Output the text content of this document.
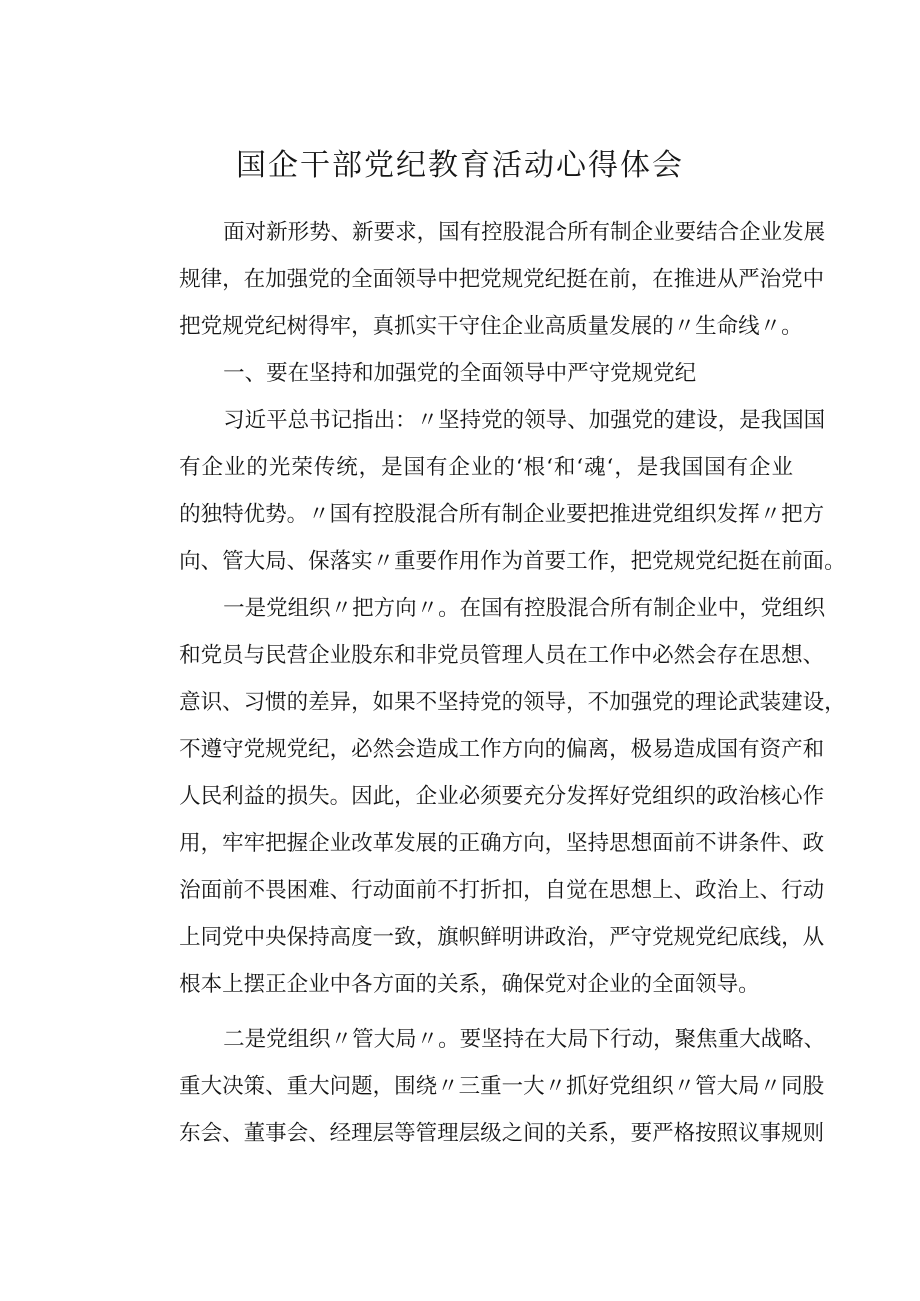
国企干部党纪教育活动心得体会

面对新形势、新要求，国有控股混合所有制企业要结合企业发展
规律，在加强党的全面领导中把党规党纪挺在前，在推进从严治党中
把党规党纪树得牢，真抓实干守住企业高质量发展的〃生命线〃。

一、要在坚持和加强党的全面领导中严守党规党纪

习近平总书记指出：〃坚持党的领导、加强党的建设，是我国国
有企业的光荣传统，是国有企业的‘根‘和‘魂‘，是我国国有企业
的独特优势。〃国有控股混合所有制企业要把推进党组织发挥〃把方
向、管大局、保落实〃重要作用作为首要工作，把党规党纪挺在前面。

一是党组织〃把方向〃。在国有控股混合所有制企业中，党组织
和党员与民营企业股东和非党员管理人员在工作中必然会存在思想、
意识、习惯的差异，如果不坚持党的领导，不加强党的理论武装建设，
不遵守党规党纪，必然会造成工作方向的偏离，极易造成国有资产和
人民利益的损失。因此，企业必须要充分发挥好党组织的政治核心作
用，牢牢把握企业改革发展的正确方向，坚持思想面前不讲条件、政
治面前不畏困难、行动面前不打折扣，自觉在思想上、政治上、行动
上同党中央保持高度一致，旗帜鲜明讲政治，严守党规党纪底线，从
根本上摆正企业中各方面的关系，确保党对企业的全面领导。

二是党组织〃管大局〃。要坚持在大局下行动，聚焦重大战略、
重大决策、重大问题，围绕〃三重一大〃抓好党组织〃管大局〃同股
东会、董事会、经理层等管理层级之间的关系，要严格按照议事规则
